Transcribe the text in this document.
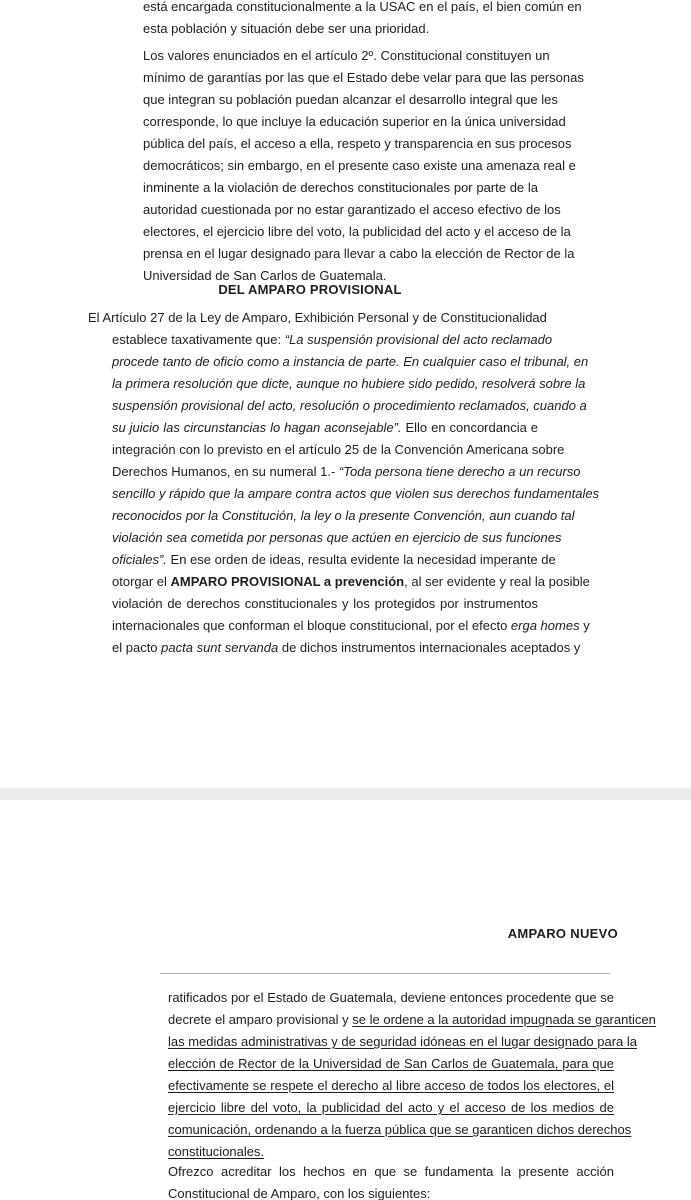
está encargada constitucionalmente a la USAC en el país, el bien común en
esta población y situación debe ser una prioridad.
Los valores enunciados en el artículo 2º. Constitucional constituyen un
mínimo de garantías por las que el Estado debe velar para que las personas
que integran su población puedan alcanzar el desarrollo integral que les
corresponde, lo que incluye la educación superior en la única universidad
pública del país, el acceso a ella, respeto y transparencia en sus procesos
democráticos; sin embargo, en el presente caso existe una amenaza real e
inminente a la violación de derechos constitucionales por parte de la
autoridad cuestionada por no estar garantizado el acceso efectivo de los
electores, el ejercicio libre del voto, la publicidad del acto y el acceso de la
prensa en el lugar designado para llevar a cabo la elección de Rector de la
Universidad de San Carlos de Guatemala.
DEL AMPARO PROVISIONAL
El Artículo 27 de la Ley de Amparo, Exhibición Personal y de Constitucionalidad
establece taxativamente que: “La suspensión provisional del acto reclamado
procede tanto de oficio como a instancia de parte. En cualquier caso el tribunal, en
la primera resolución que dicte, aunque no hubiere sido pedido, resolverá sobre la
suspensión provisional del acto, resolución o procedimiento reclamados, cuando a
su juicio las circunstancias lo hagan aconsejable”. Ello en concordancia e
integración con lo previsto en el artículo 25 de la Convención Americana sobre
Derechos Humanos, en su numeral 1.- “Toda persona tiene derecho a un recurso
sencillo y rápido que la ampare contra actos que violen sus derechos fundamentales
reconocidos por la Constitución, la ley o la presente Convención, aun cuando tal
violación sea cometida por personas que actúen en ejercicio de sus funciones
oficiales”. En ese orden de ideas, resulta evidente la necesidad imperante de
otorgar el AMPARO PROVISIONAL a prevención, al ser evidente y real la posible
violación de derechos constitucionales y los protegidos por instrumentos
internacionales que conforman el bloque constitucional, por el efecto erga homes y
el pacto pacta sunt servanda de dichos instrumentos internacionales aceptados y
AMPARO NUEVO
ratificados por el Estado de Guatemala, deviene entonces procedente que se
decrete el amparo provisional y se le ordene a la autoridad impugnada se garanticen
las medidas administrativas y de seguridad idóneas en el lugar designado para la
elección de Rector de la Universidad de San Carlos de Guatemala, para que
efectivamente se respete el derecho al libre acceso de todos los electores, el
ejercicio libre del voto, la publicidad del acto y el acceso de los medios de
comunicación, ordenando a la fuerza pública que se garanticen dichos derechos
constitucionales.
Ofrezco acreditar los hechos en que se fundamenta la presente acción
Constitucional de Amparo, con los siguientes:
